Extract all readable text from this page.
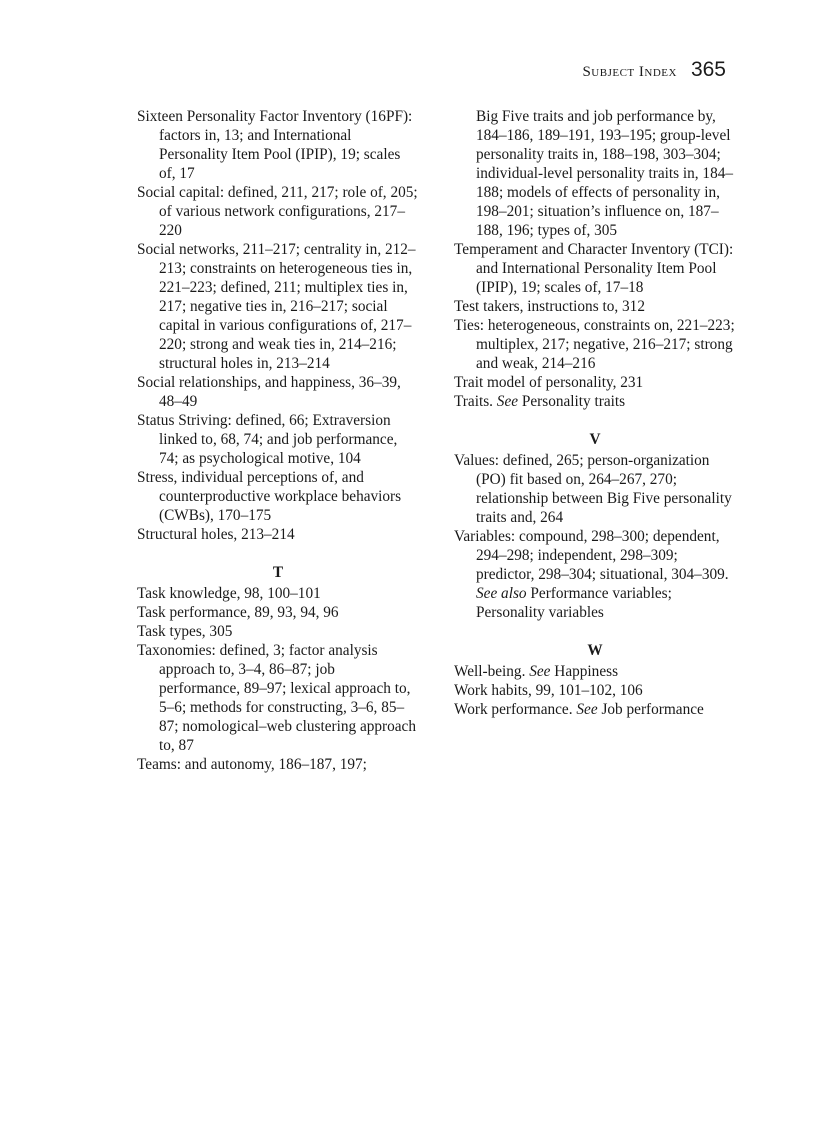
Subject Index 365

Sixteen Personality Factor Inventory (16PF): factors in, 13; and International Personality Item Pool (IPIP), 19; scales of, 17

Social capital: defined, 211, 217; role of, 205; of various network configurations, 217–220

Social networks, 211–217; centrality in, 212–213; constraints on heterogeneous ties in, 221–223; defined, 211; multiplex ties in, 217; negative ties in, 216–217; social capital in various configurations of, 217–220; strong and weak ties in, 214–216; structural holes in, 213–214

Social relationships, and happiness, 36–39, 48–49

Status Striving: defined, 66; Extraversion linked to, 68, 74; and job performance, 74; as psychological motive, 104

Stress, individual perceptions of, and counterproductive workplace behaviors (CWBs), 170–175

Structural holes, 213–214

T

Task knowledge, 98, 100–101

Task performance, 89, 93, 94, 96

Task types, 305

Taxonomies: defined, 3; factor analysis approach to, 3–4, 86–87; job performance, 89–97; lexical approach to, 5–6; methods for constructing, 3–6, 85–87; nomological–web clustering approach to, 87

Teams: and autonomy, 186–187, 197;

Big Five traits and job performance by, 184–186, 189–191, 193–195; group-level personality traits in, 188–198, 303–304; individual-level personality traits in, 184–188; models of effects of personality in, 198–201; situation’s influence on, 187–188, 196; types of, 305

Temperament and Character Inventory (TCI): and International Personality Item Pool (IPIP), 19; scales of, 17–18

Test takers, instructions to, 312

Ties: heterogeneous, constraints on, 221–223; multiplex, 217; negative, 216–217; strong and weak, 214–216

Trait model of personality, 231

Traits. See Personality traits

V

Values: defined, 265; person-organization (PO) fit based on, 264–267, 270; relationship between Big Five personality traits and, 264

Variables: compound, 298–300; dependent, 294–298; independent, 298–309; predictor, 298–304; situational, 304–309. See also Performance variables; Personality variables

W

Well-being. See Happiness

Work habits, 99, 101–102, 106

Work performance. See Job performance
